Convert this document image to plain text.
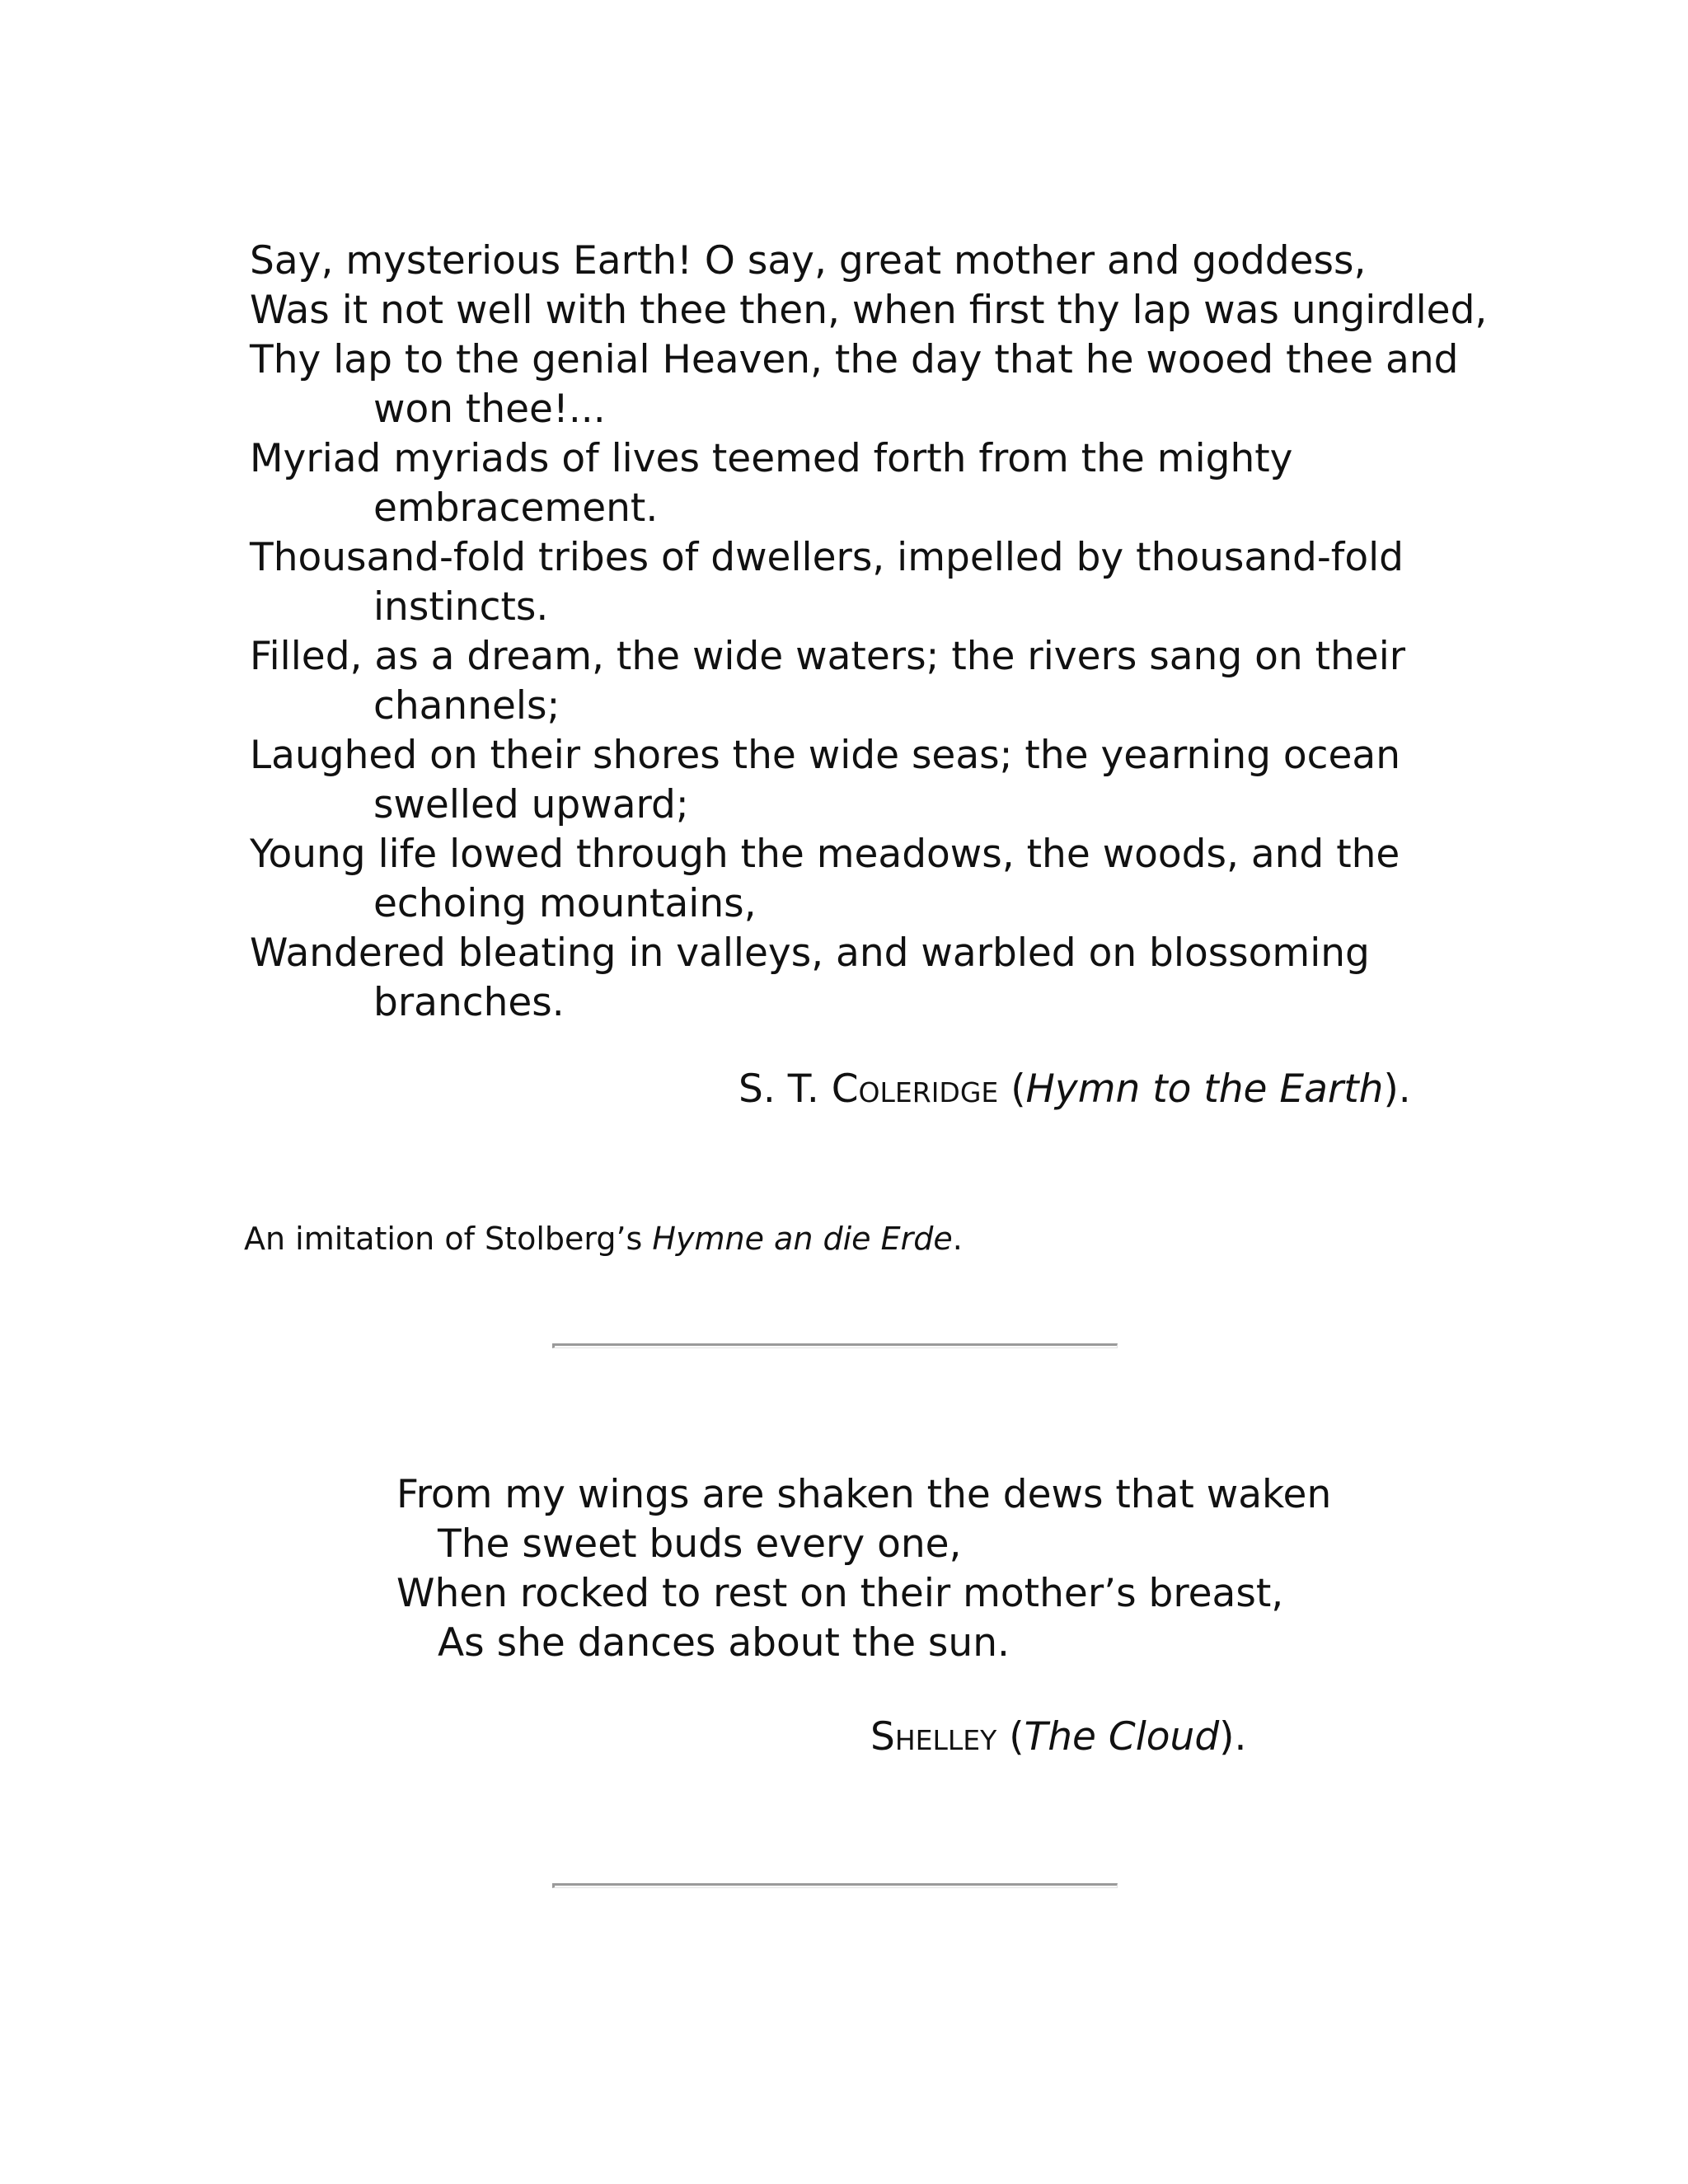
Say, mysterious Earth! O say, great mother and goddess,
Was it not well with thee then, when first thy lap was ungirdled,
Thy lap to the genial Heaven, the day that he wooed thee and
won thee!...
Myriad myriads of lives teemed forth from the mighty
embracement.
Thousand-fold tribes of dwellers, impelled by thousand-fold
instincts.
Filled, as a dream, the wide waters; the rivers sang on their
channels;
Laughed on their shores the wide seas; the yearning ocean
swelled upward;
Young life lowed through the meadows, the woods, and the
echoing mountains,
Wandered bleating in valleys, and warbled on blossoming
branches.
S. T. Coleridge (Hymn to the Earth).
An imitation of Stolberg’s Hymne an die Erde.
From my wings are shaken the dews that waken
The sweet buds every one,
When rocked to rest on their mother’s breast,
As she dances about the sun.
Shelley (The Cloud).
